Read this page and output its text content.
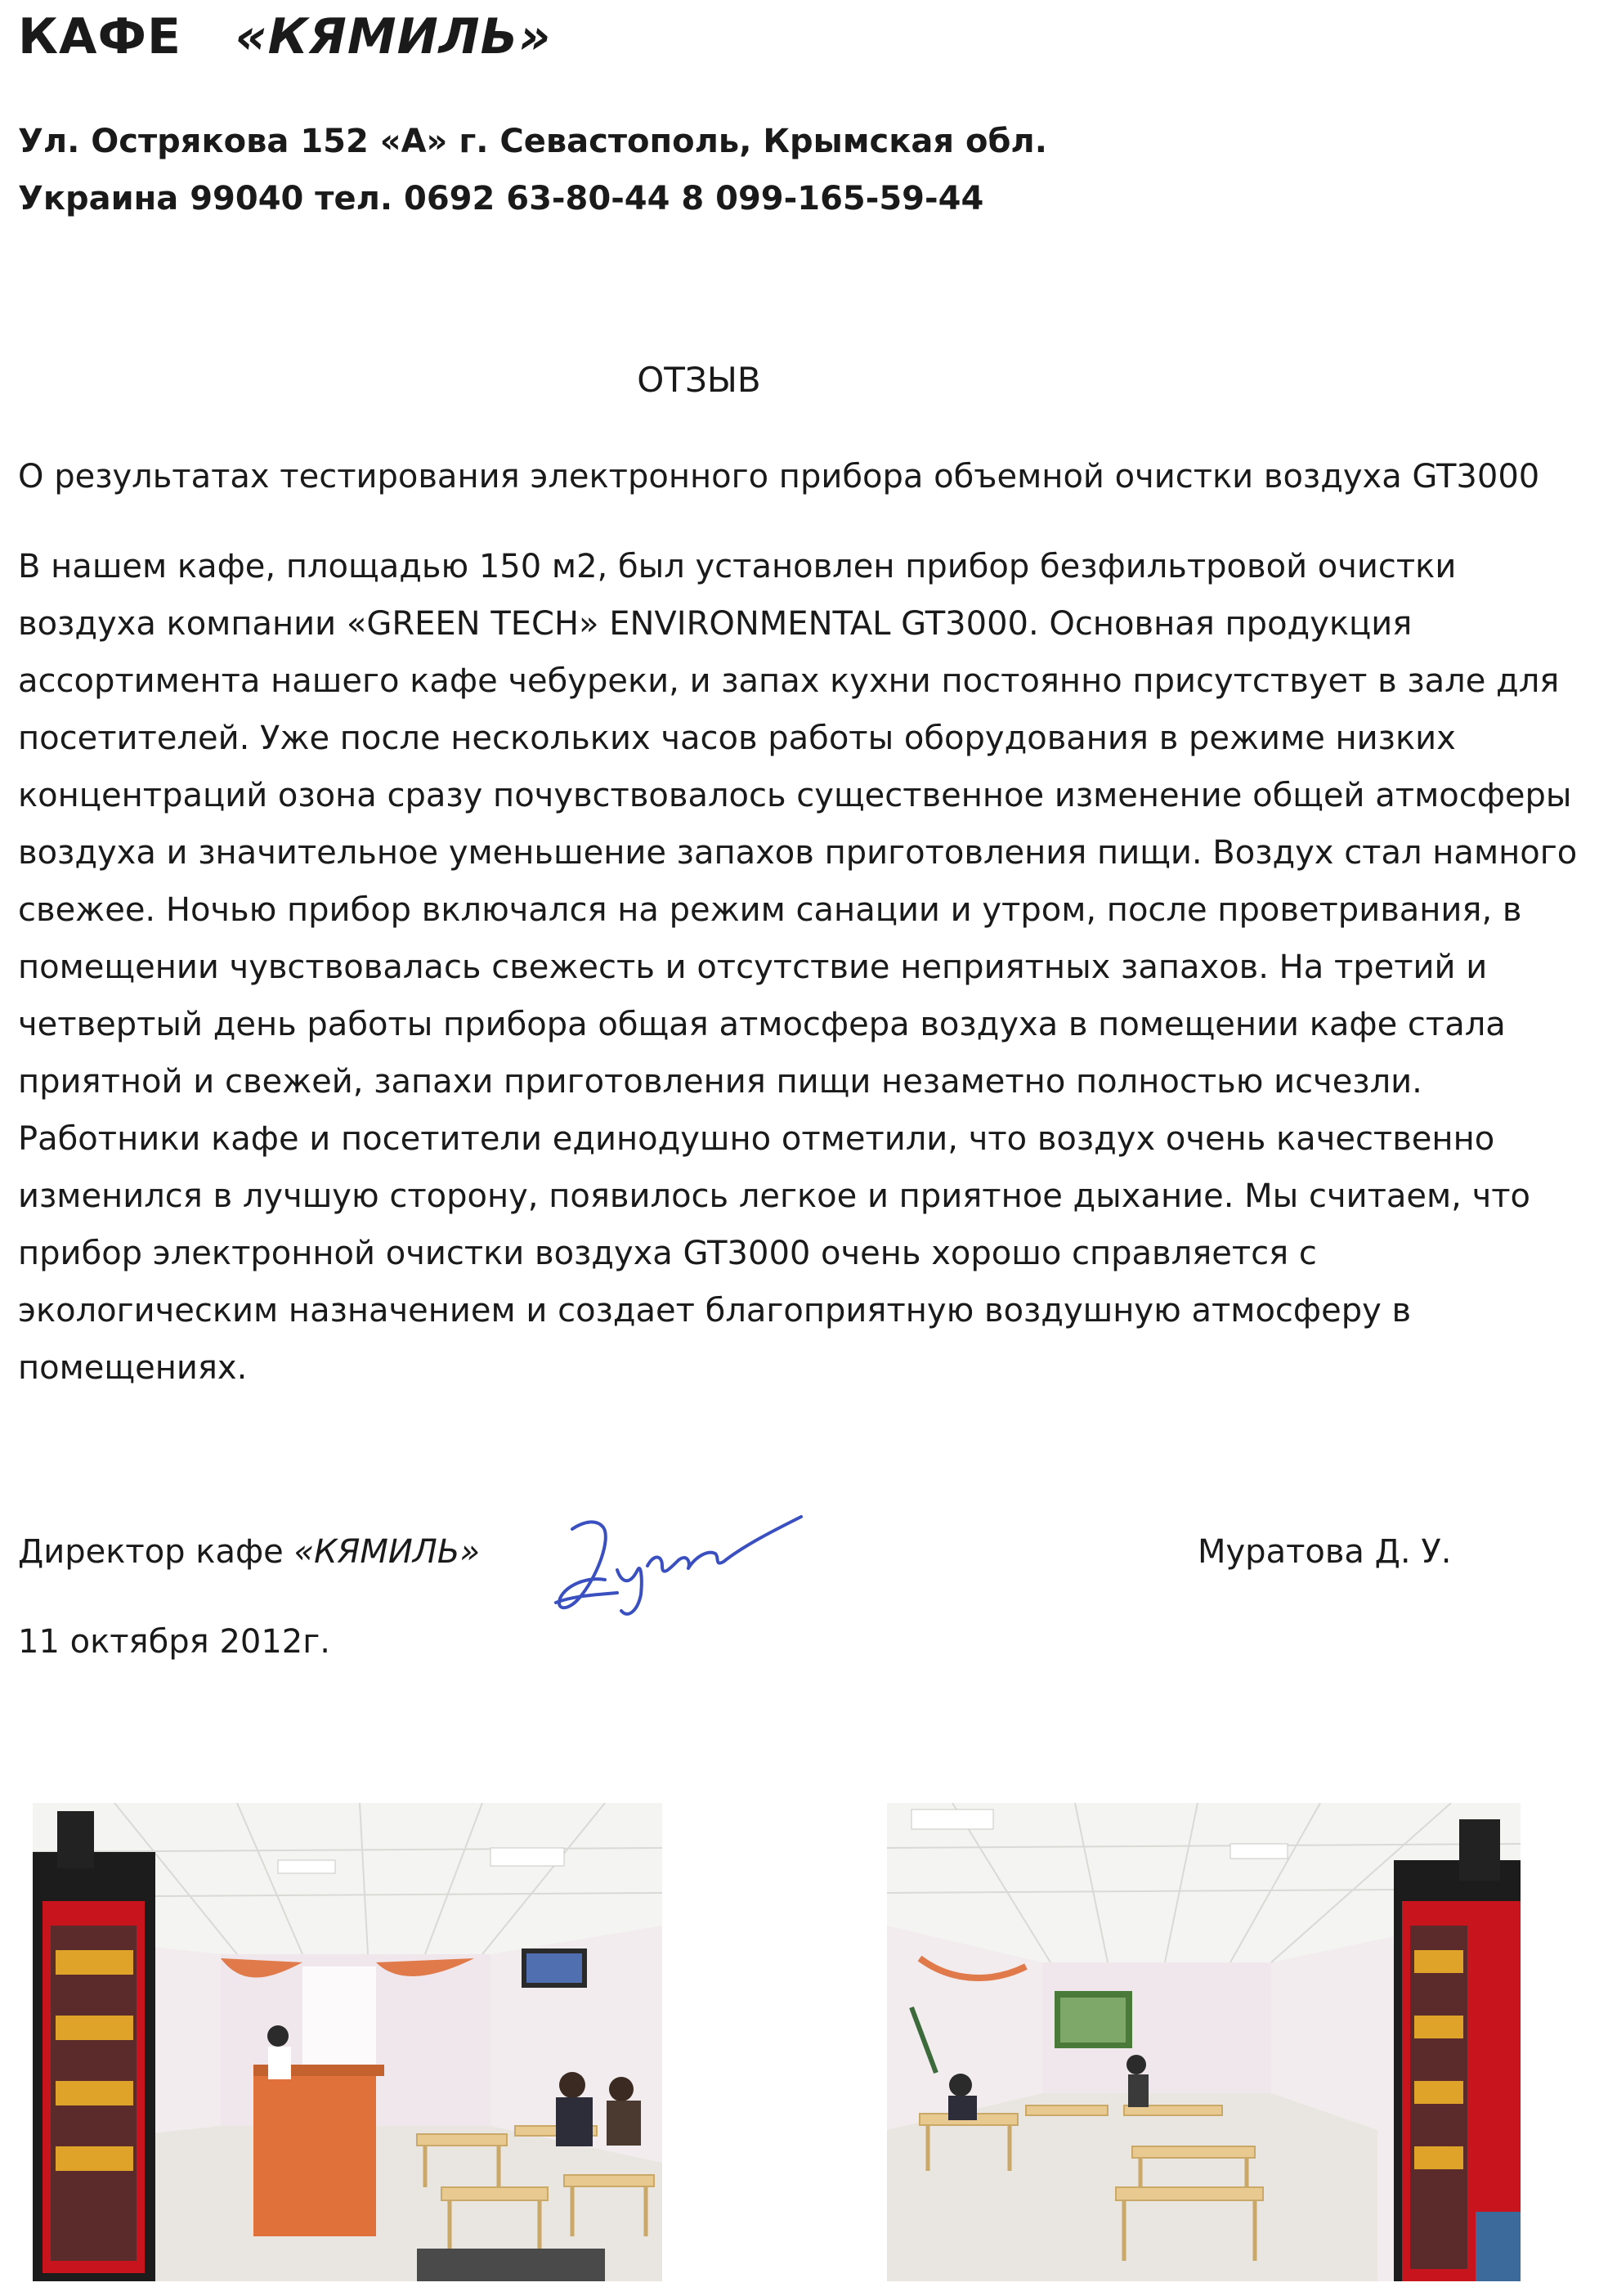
КАФЕ «КЯМИЛЬ»
Ул. Острякова 152 «А» г. Севастополь, Крымская обл.
Украина 99040 тел. 0692 63-80-44 8 099-165-59-44
ОТЗЫВ
О результатах тестирования электронного прибора объемной очистки воздуха GT3000
В нашем кафе, площадью 150 м2, был установлен прибор безфильтровой очистки
воздуха компании «GREEN TECH» ENVIRONMENTAL GT3000. Основная продукция
ассортимента нашего кафе чебуреки, и запах кухни постоянно присутствует в зале для
посетителей. Уже после нескольких часов работы оборудования в режиме низких
концентраций озона сразу почувствовалось существенное изменение общей атмосферы
воздуха и значительное уменьшение запахов приготовления пищи. Воздух стал намного
свежее. Ночью прибор включался на режим санации и утром, после проветривания, в
помещении чувствовалась свежесть и отсутствие неприятных запахов. На третий и
четвертый день работы прибора общая атмосфера воздуха в помещении кафе стала
приятной и свежей, запахи приготовления пищи незаметно полностью исчезли.
Работники кафе и посетители единодушно отметили, что воздух очень качественно
изменился в лучшую сторону, появилось легкое и приятное дыхание. Мы считаем, что
прибор электронной очистки воздуха GT3000 очень хорошо справляется с
экологическим назначением и создает благоприятную воздушную атмосферу в
помещениях.
Директор кафе «КЯМИЛЬ»	Муратова Д. У.
11 октября 2012г.
